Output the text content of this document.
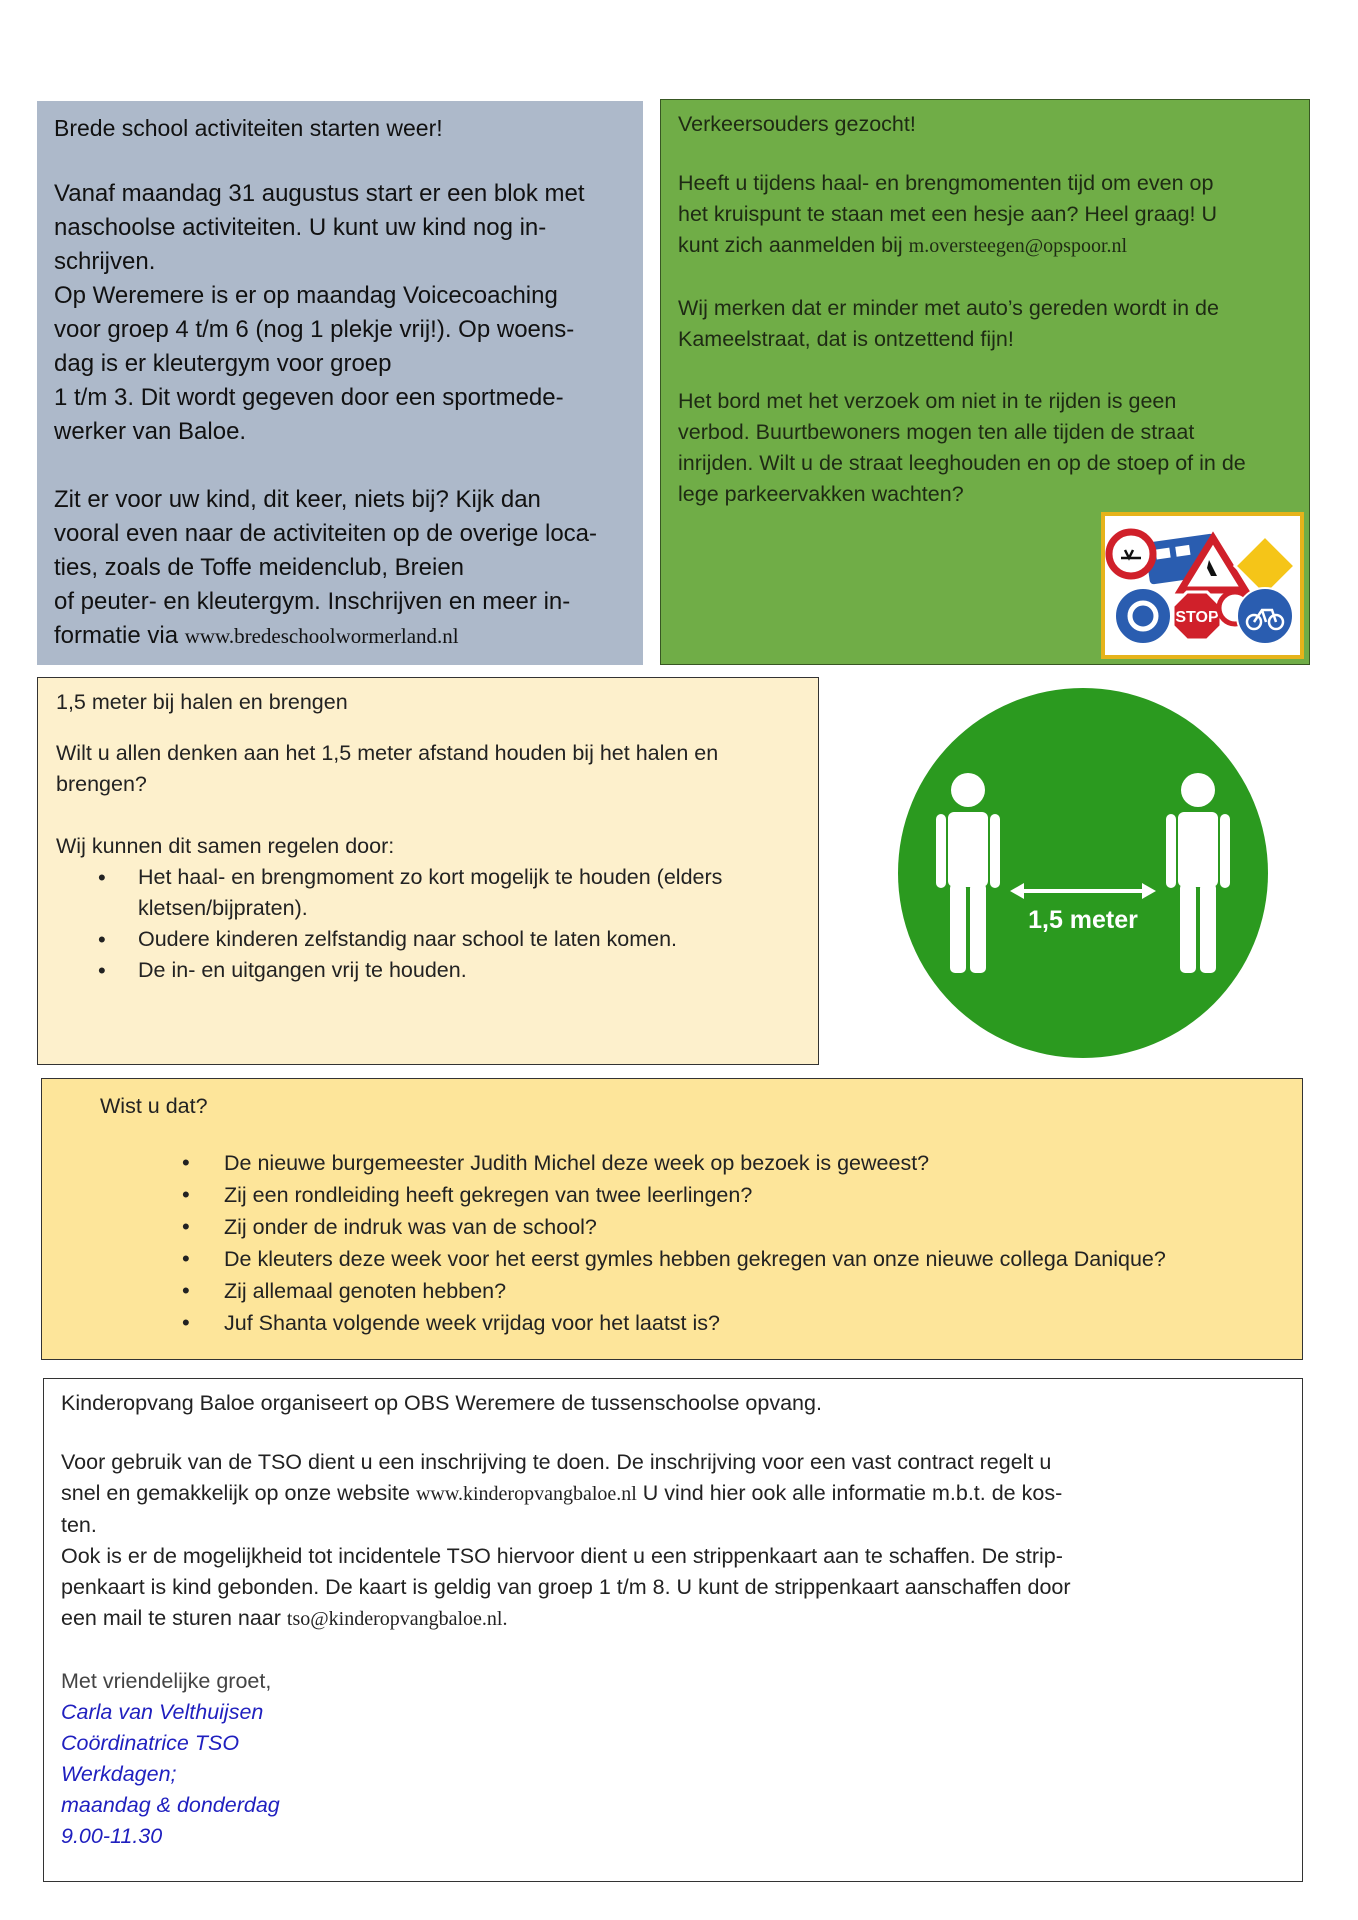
Brede school activiteiten starten weer!

Vanaf maandag 31 augustus start er een blok met

naschoolse activiteiten. U kunt uw kind nog in-

schrijven.

Op Weremere is er op maandag Voicecoaching

voor groep 4 t/m 6 (nog 1 plekje vrij!). Op woens-

dag is er kleutergym voor groep

1 t/m 3. Dit wordt gegeven door een sportmede-

werker van Baloe.

Zit er voor uw kind, dit keer, niets bij? Kijk dan

vooral even naar de activiteiten op de overige loca-

ties, zoals de Toffe meidenclub, Breien

of peuter- en kleutergym. Inschrijven en meer in-

formatie via www.bredeschoolwormerland.nl

Verkeersouders gezocht!

Heeft u tijdens haal- en brengmomenten tijd om even op

het kruispunt te staan met een hesje aan? Heel graag! U

kunt zich aanmelden bij m.oversteegen@opspoor.nl

Wij merken dat er minder met auto’s gereden wordt in de

Kameelstraat, dat is ontzettend fijn!

Het bord met het verzoek om niet in te rijden is geen

verbod. Buurtbewoners mogen ten alle tijden de straat

inrijden. Wilt u de straat leeghouden en op de stoep of in de

lege parkeervakken wachten?

STOP

1,5 meter bij halen en brengen

Wilt u allen denken aan het 1,5 meter afstand houden bij het halen en

brengen?

Wij kunnen dit samen regelen door:

• Het haal- en brengmoment zo kort mogelijk te houden (elders
kletsen/bijpraten).
• Oudere kinderen zelfstandig naar school te laten komen.
• De in- en uitgangen vrij te houden.
1,5 meter

Wist u dat?

• De nieuwe burgemeester Judith Michel deze week op bezoek is geweest?
• Zij een rondleiding heeft gekregen van twee leerlingen?
• Zij onder de indruk was van de school?
• De kleuters deze week voor het eerst gymles hebben gekregen van onze nieuwe collega Danique?
• Zij allemaal genoten hebben?
• Juf Shanta volgende week vrijdag voor het laatst is?

Kinderopvang Baloe organiseert op OBS Weremere de tussenschoolse opvang.

Voor gebruik van de TSO dient u een inschrijving te doen. De inschrijving voor een vast contract regelt u

snel en gemakkelijk op onze website www.kinderopvangbaloe.nl U vind hier ook alle informatie m.b.t. de kos-

ten.

Ook is er de mogelijkheid tot incidentele TSO hiervoor dient u een strippenkaart aan te schaffen. De strip-

penkaart is kind gebonden. De kaart is geldig van groep 1 t/m 8. U kunt de strippenkaart aanschaffen door

een mail te sturen naar tso@kinderopvangbaloe.nl.

Met vriendelijke groet,

Carla van Velthuijsen

Coördinatrice TSO

Werkdagen;

maandag & donderdag

9.00-11.30
